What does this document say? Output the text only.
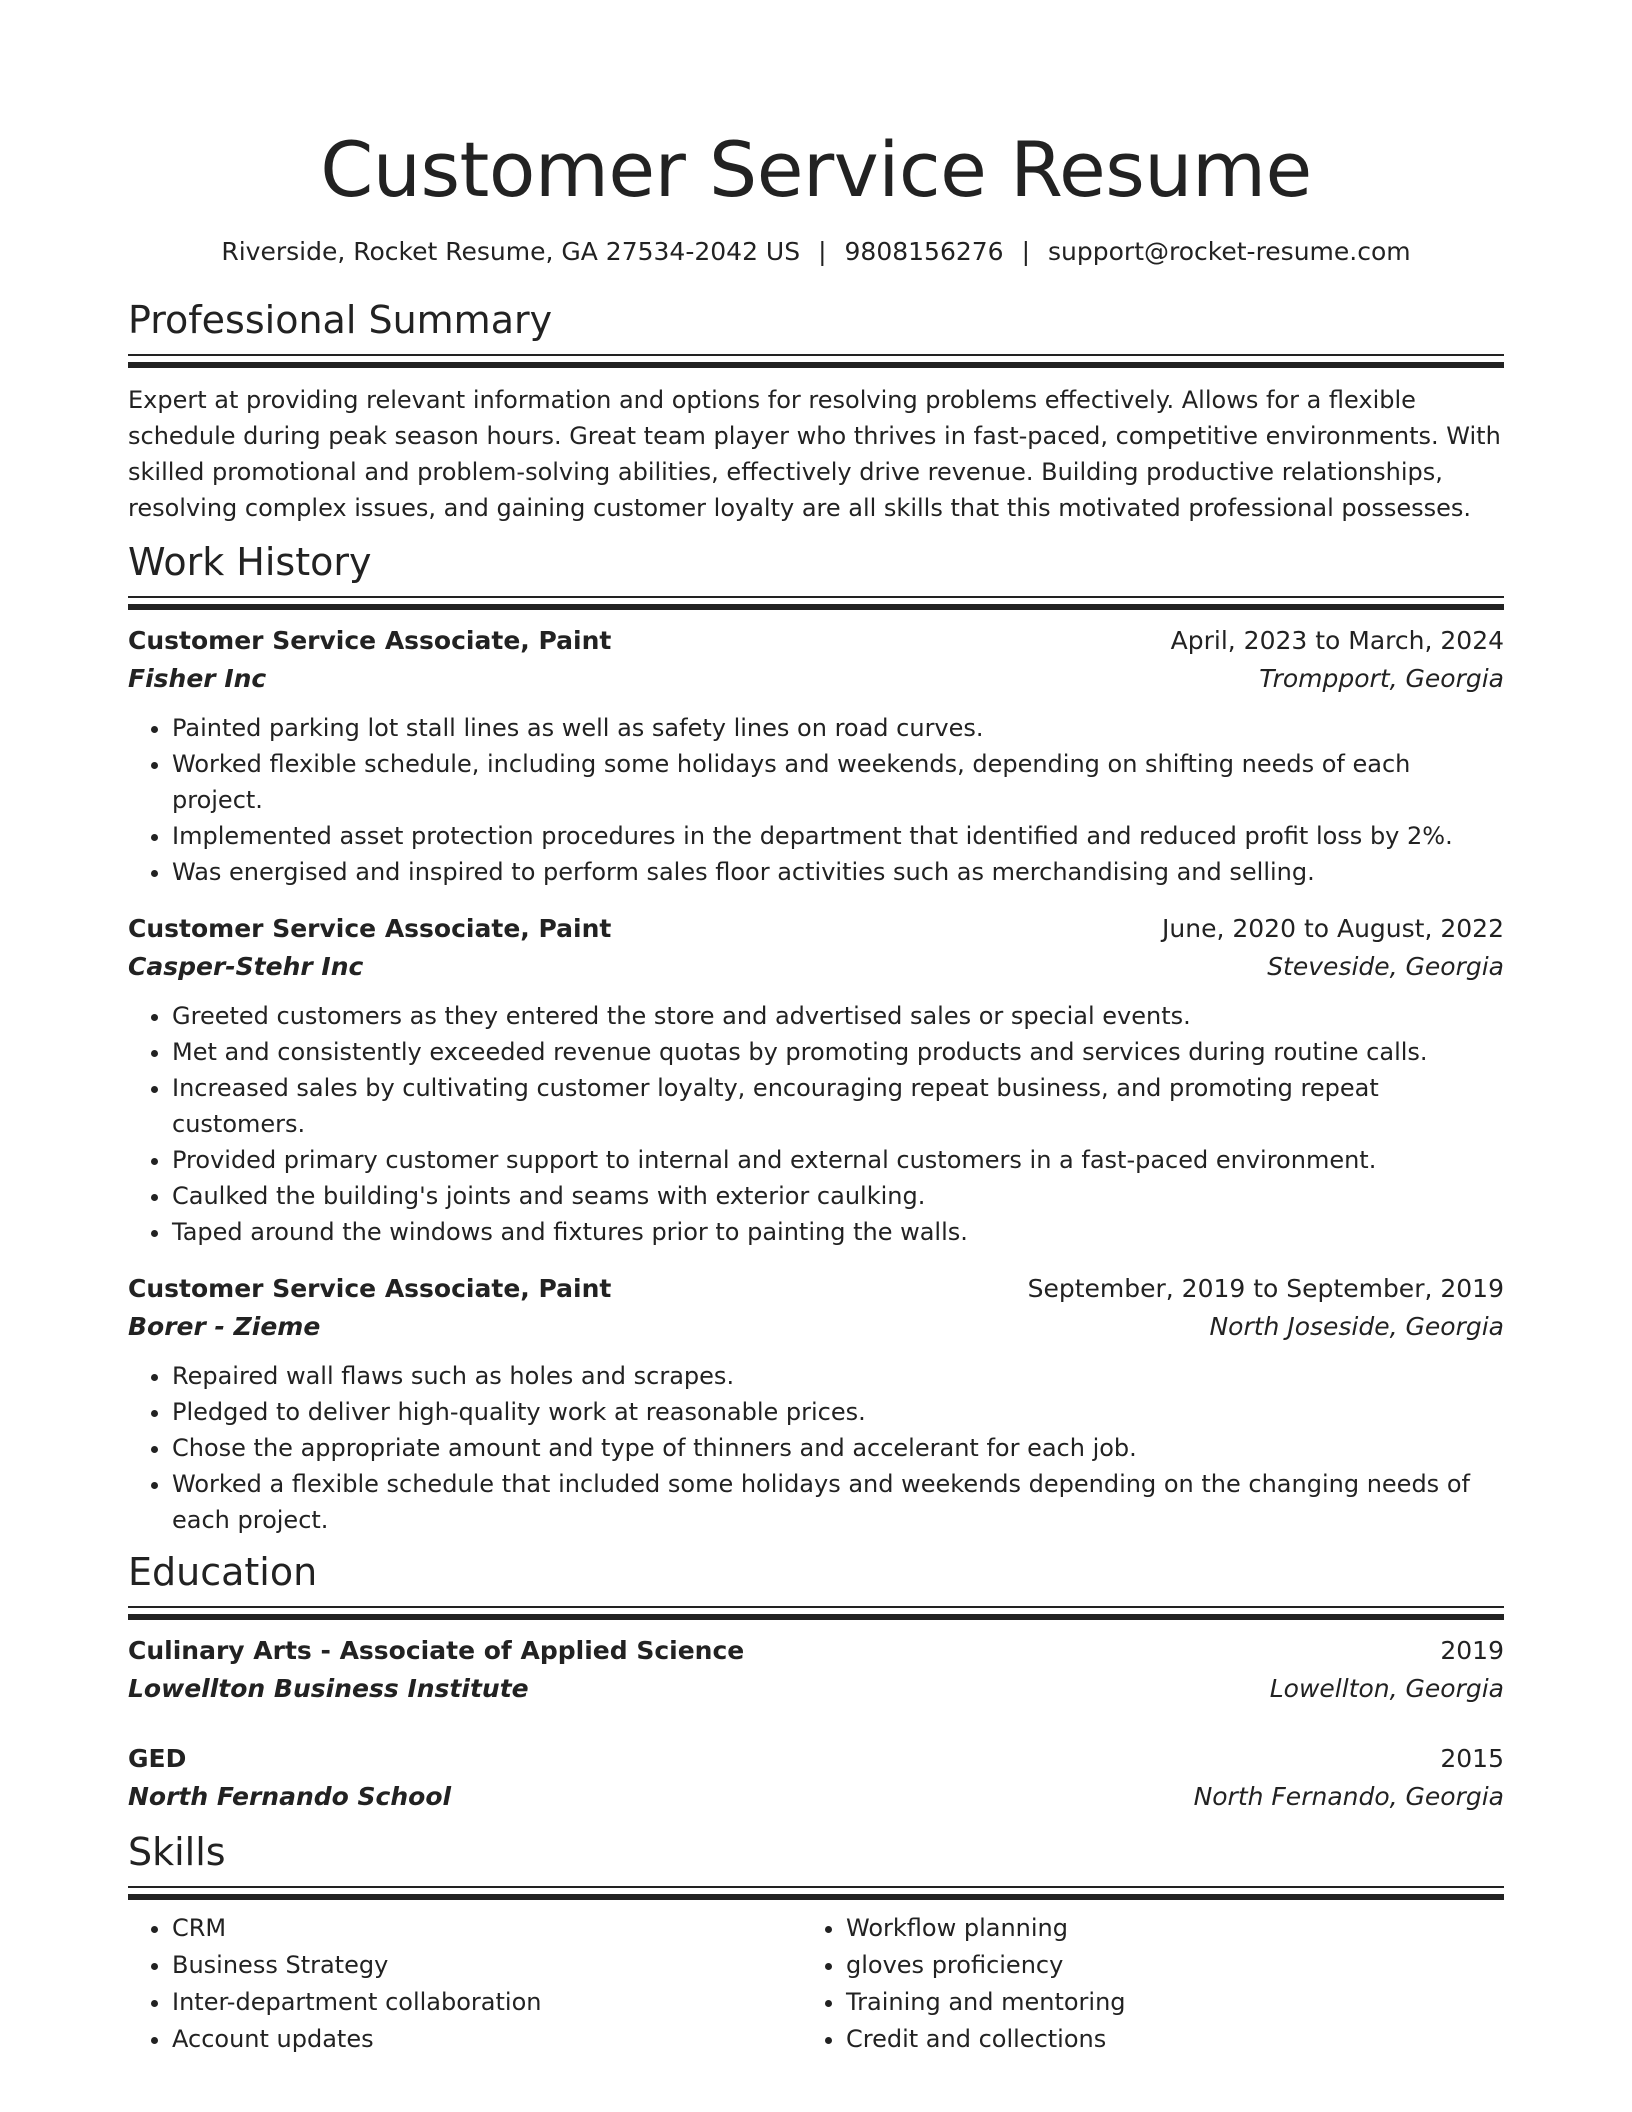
Customer Service Resume
Riverside, Rocket Resume, GA 27534-2042 US | 9808156276 | support@rocket-resume.com
Professional Summary

Expert at providing relevant information and options for resolving problems effectively. Allows for a flexible schedule during peak season hours. Great team player who thrives in fast-paced, competitive environments. With skilled promotional and problem-solving abilities, effectively drive revenue. Building productive relationships, resolving complex issues, and gaining customer loyalty are all skills that this motivated professional possesses.

Work History
Customer Service Associate, Paint	April, 2023 to March, 2024
Fisher Inc	Trompport, Georgia
• Painted parking lot stall lines as well as safety lines on road curves.
• Worked flexible schedule, including some holidays and weekends, depending on shifting needs of each project.
• Implemented asset protection procedures in the department that identified and reduced profit loss by 2%.
• Was energised and inspired to perform sales floor activities such as merchandising and selling.
Customer Service Associate, Paint	June, 2020 to August, 2022
Casper-Stehr Inc	Steveside, Georgia
• Greeted customers as they entered the store and advertised sales or special events.
• Met and consistently exceeded revenue quotas by promoting products and services during routine calls.
• Increased sales by cultivating customer loyalty, encouraging repeat business, and promoting repeat customers.
• Provided primary customer support to internal and external customers in a fast-paced environment.
• Caulked the building's joints and seams with exterior caulking.
• Taped around the windows and fixtures prior to painting the walls.
Customer Service Associate, Paint	September, 2019 to September, 2019
Borer - Zieme	North Joseside, Georgia
• Repaired wall flaws such as holes and scrapes.
• Pledged to deliver high-quality work at reasonable prices.
• Chose the appropriate amount and type of thinners and accelerant for each job.
• Worked a flexible schedule that included some holidays and weekends depending on the changing needs of each project.
Education
Culinary Arts - Associate of Applied Science	2019
Lowellton Business Institute	Lowellton, Georgia
GED	2015
North Fernando School	North Fernando, Georgia
Skills
• CRM
• Business Strategy
• Inter-department collaboration
• Account updates
• Workflow planning
• gloves proficiency
• Training and mentoring
• Credit and collections
